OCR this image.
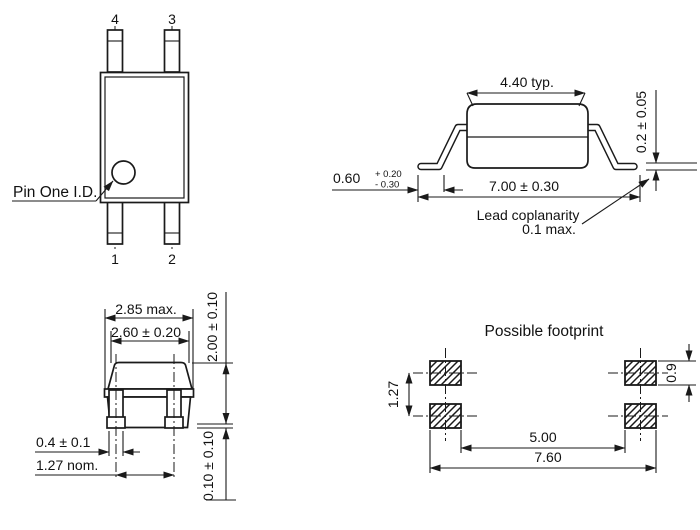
4	3
1	2
Pin One I.D.
4.40 typ.
0.2 ± 0.05
0.60 + 0.20
- 0.30	7.00 ± 0.30
Lead coplanarity
0.1 max.
2.85 max.
2.60 ± 0.20 2.00 ± 0.10
0.10 ± 0.10
0.4 ± 0.1
1.27 nom.
Possible footprint
1.27
0.9
5.00
7.60
